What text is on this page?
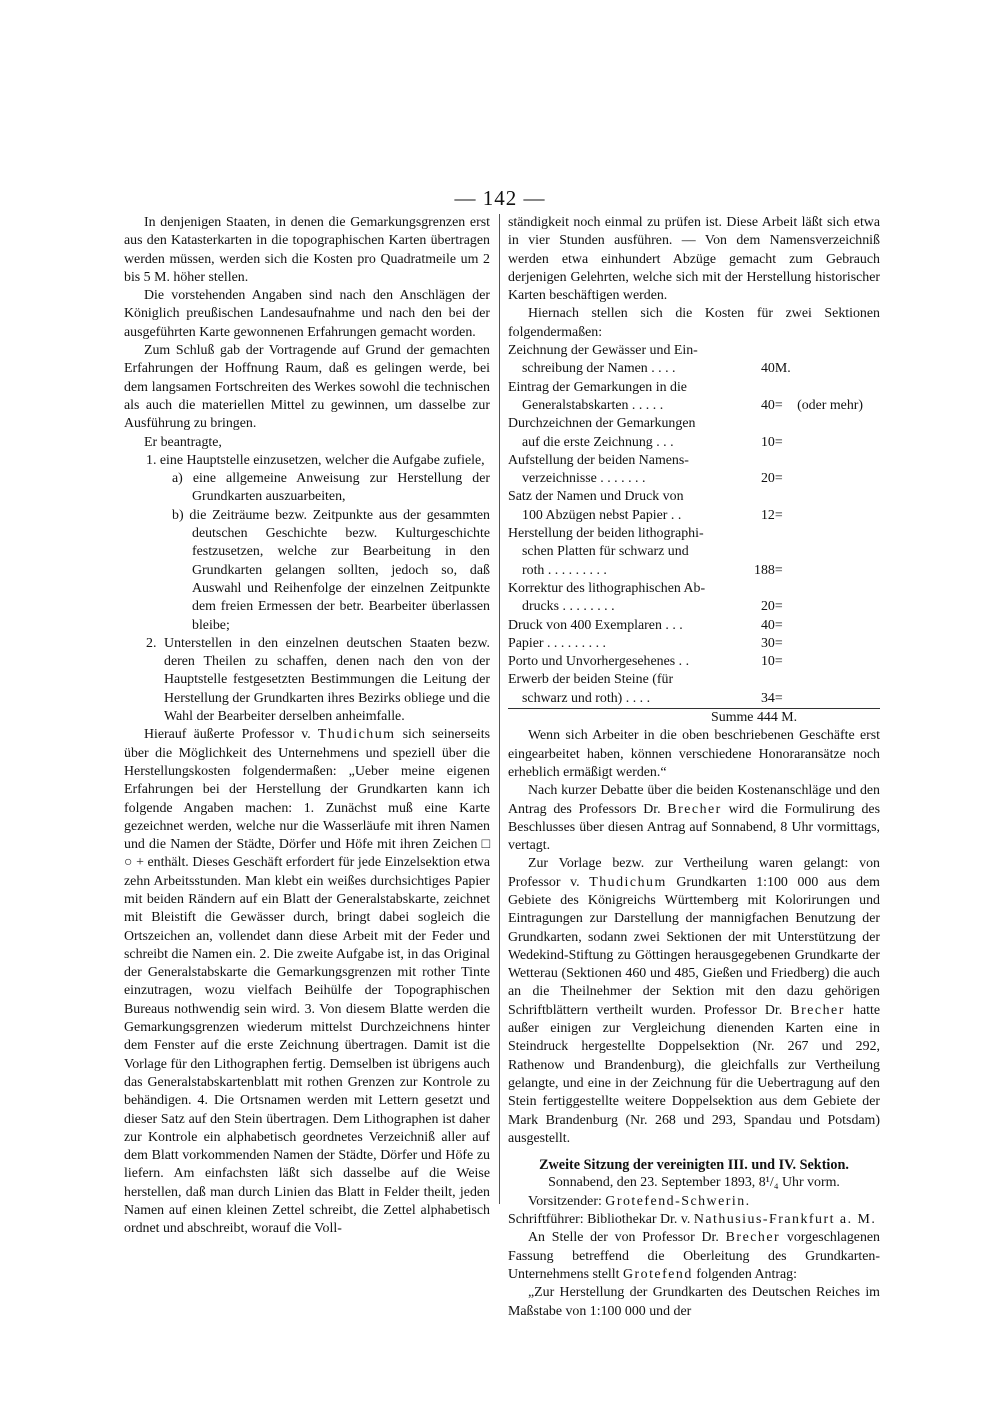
— 142 —

In denjenigen Staaten, in denen die Gemarkungsgrenzen erst aus den Katasterkarten in die topographischen Karten übertragen werden müssen, werden sich die Kosten pro Quadratmeile um 2 bis 5 M. höher stellen.

Die vorstehenden Angaben sind nach den Anschlägen der Königlich preußischen Landesaufnahme und nach den bei der ausgeführten Karte gewonnenen Erfahrungen gemacht worden.

Zum Schluß gab der Vortragende auf Grund der gemachten Erfahrungen der Hoffnung Raum, daß es gelingen werde, bei dem langsamen Fortschreiten des Werkes sowohl die technischen als auch die materiellen Mittel zu gewinnen, um dasselbe zur Ausführung zu bringen.

Er beantragte,

1. eine Hauptstelle einzusetzen, welcher die Aufgabe zufiele,

a) eine allgemeine Anweisung zur Herstellung der Grundkarten auszuarbeiten,

b) die Zeiträume bezw. Zeitpunkte aus der gesammten deutschen Geschichte bezw. Kulturgeschichte festzusetzen, welche zur Bearbeitung in den Grundkarten gelangen sollten, jedoch so, daß Auswahl und Reihenfolge der einzelnen Zeitpunkte dem freien Ermessen der betr. Bearbeiter überlassen bleibe;

2. Unterstellen in den einzelnen deutschen Staaten bezw. deren Theilen zu schaffen, denen nach den von der Hauptstelle festgesetzten Bestimmungen die Leitung der Herstellung der Grundkarten ihres Bezirks obliege und die Wahl der Bearbeiter derselben anheimfalle.

Hierauf äußerte Professor v. Thudichum sich seinerseits über die Möglichkeit des Unternehmens und speziell über die Herstellungskosten folgendermaßen: „Ueber meine eigenen Erfahrungen bei der Herstellung der Grundkarten kann ich folgende Angaben machen: 1. Zunächst muß eine Karte gezeichnet werden, welche nur die Wasserläufe mit ihren Namen und die Namen der Städte, Dörfer und Höfe mit ihren Zeichen □ ○ + enthält. Dieses Geschäft erfordert für jede Einzelsektion etwa zehn Arbeitsstunden. Man klebt ein weißes durchsichtiges Papier mit beiden Rändern auf ein Blatt der Generalstabskarte, zeichnet mit Bleistift die Gewässer durch, bringt dabei sogleich die Ortszeichen an, vollendet dann diese Arbeit mit der Feder und schreibt die Namen ein. 2. Die zweite Aufgabe ist, in das Original der Generalstabskarte die Gemarkungsgrenzen mit rother Tinte einzutragen, wozu vielfach Beihülfe der Topographischen Bureaus nothwendig sein wird. 3. Von diesem Blatte werden die Gemarkungsgrenzen wiederum mittelst Durchzeichnens hinter dem Fenster auf die erste Zeichnung übertragen. Damit ist die Vorlage für den Lithographen fertig. Demselben ist übrigens auch das Generalstabskartenblatt mit rothen Grenzen zur Kontrole zu behändigen. 4. Die Ortsnamen werden mit Lettern gesetzt und dieser Satz auf den Stein übertragen. Dem Lithographen ist daher zur Kontrole ein alphabetisch geordnetes Verzeichniß aller auf dem Blatt vorkommenden Namen der Städte, Dörfer und Höfe zu liefern. Am einfachsten läßt sich dasselbe auf die Weise herstellen, daß man durch Linien das Blatt in Felder theilt, jeden Namen auf einen kleinen Zettel schreibt, die Zettel alphabetisch ordnet und abschreibt, worauf die Voll-

ständigkeit noch einmal zu prüfen ist. Diese Arbeit läßt sich etwa in vier Stunden ausführen. — Von dem Namensverzeichniß werden etwa einhundert Abzüge gemacht zum Gebrauch derjenigen Gelehrten, welche sich mit der Herstellung historischer Karten beschäftigen werden.

Hiernach stellen sich die Kosten für zwei Sektionen folgendermaßen:

Zeichnung der Gewässer und Ein-
schreibung der Namen . . . .	40	M.	

Eintrag der Gemarkungen in die
Generalstabskarten . . . . .	40	=	(oder mehr)

Durchzeichnen der Gemarkungen
auf die erste Zeichnung . . .	10	=	

Aufstellung der beiden Namens-
verzeichnisse . . . . . . .	20	=	

Satz der Namen und Druck von
100 Abzügen nebst Papier . .	12	=	

Herstellung der beiden lithographi-
schen Platten für schwarz und
roth . . . . . . . . .	188	=	

Korrektur des lithographischen Ab-
drucks . . . . . . . .	20	=	

Druck von 400 Exemplaren . . .	40	=	

Papier . . . . . . . . .	30	=	

Porto und Unvorhergesehenes . .	10	=	

Erwerb der beiden Steine (für
schwarz und roth) . . . .	34	=	
Summe 444 M.			

Wenn sich Arbeiter in die oben beschriebenen Geschäfte erst eingearbeitet haben, können verschiedene Honoraransätze noch erheblich ermäßigt werden.“

Nach kurzer Debatte über die beiden Kostenanschläge und den Antrag des Professors Dr. Brecher wird die Formulirung des Beschlusses über diesen Antrag auf Sonnabend, 8 Uhr vormittags, vertagt.

Zur Vorlage bezw. zur Vertheilung waren gelangt: von Professor v. Thudichum Grundkarten 1:100 000 aus dem Gebiete des Königreichs Württemberg mit Kolorirungen und Eintragungen zur Darstellung der mannigfachen Benutzung der Grundkarten, sodann zwei Sektionen der mit Unterstützung der Wedekind-Stiftung zu Göttingen herausgegebenen Grundkarte der Wetterau (Sektionen 460 und 485, Gießen und Friedberg) die auch an die Theilnehmer der Sektion mit den dazu gehörigen Schriftblättern vertheilt wurden. Professor Dr. Brecher hatte außer einigen zur Vergleichung dienenden Karten eine in Steindruck hergestellte Doppelsektion (Nr. 267 und 292, Rathenow und Brandenburg), die gleichfalls zur Vertheilung gelangte, und eine in der Zeichnung für die Uebertragung auf den Stein fertiggestellte weitere Doppelsektion aus dem Gebiete der Mark Brandenburg (Nr. 268 und 293, Spandau und Potsdam) ausgestellt.

Zweite Sitzung der vereinigten III. und IV. Sektion.

Sonnabend, den 23. September 1893, 8¹/₄ Uhr vorm.

Vorsitzender: Grotefend-Schwerin.

Schriftführer: Bibliothekar Dr. v. Nathusius-Frankfurt a. M.

An Stelle der von Professor Dr. Brecher vorgeschlagenen Fassung betreffend die Oberleitung des Grundkarten-Unternehmens stellt Grotefend folgenden Antrag:

„Zur Herstellung der Grundkarten des Deutschen Reiches im Maßstabe von 1:100 000 und der
